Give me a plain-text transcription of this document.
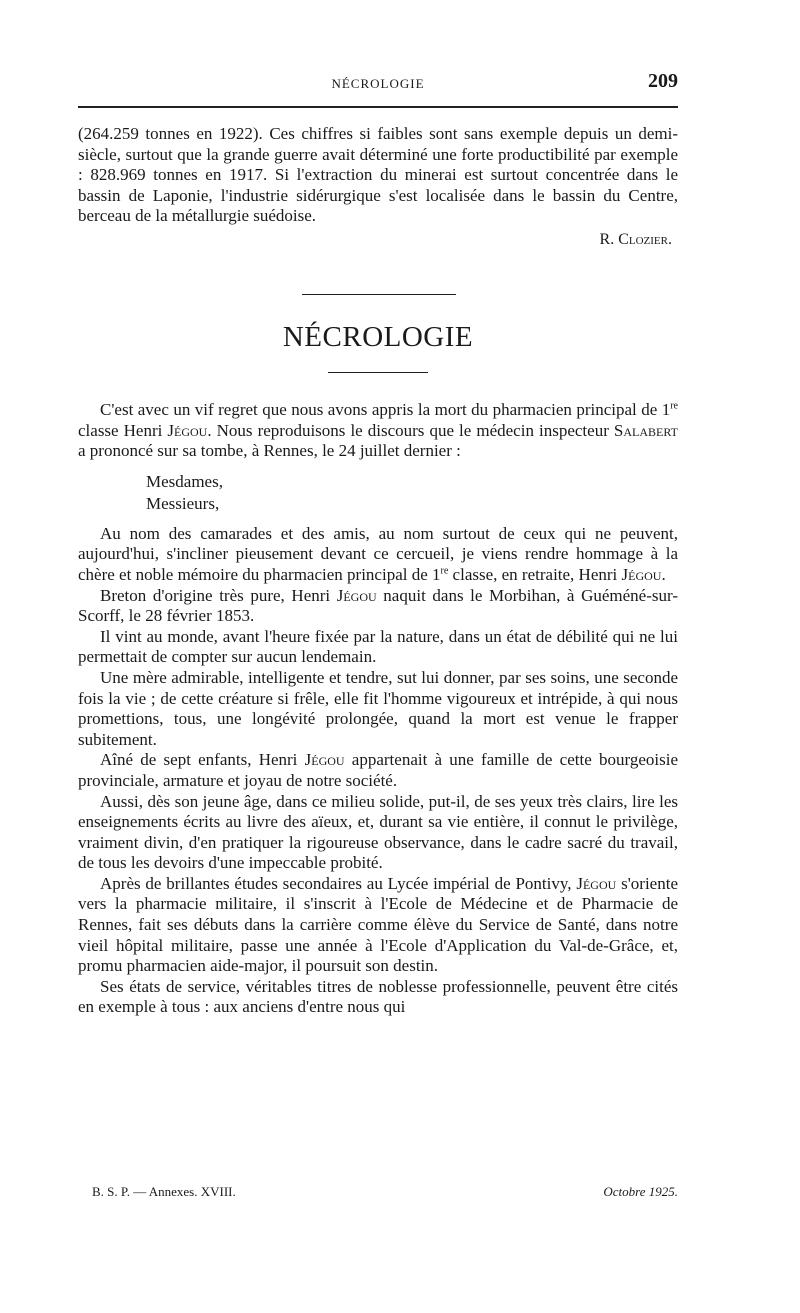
NÉCROLOGIE	209

(264.259 tonnes en 1922). Ces chiffres si faibles sont sans exemple depuis un demi-siècle, surtout que la grande guerre avait déterminé une forte productibilité par exemple : 828.969 tonnes en 1917. Si l'extraction du minerai est surtout concentrée dans le bassin de Laponie, l'industrie sidérurgique s'est localisée dans le bassin du Centre, berceau de la métallurgie suédoise.

R. Clozier.

NÉCROLOGIE

C'est avec un vif regret que nous avons appris la mort du pharmacien principal de 1re classe Henri Jégou. Nous reproduisons le discours que le médecin inspecteur Salabert a prononcé sur sa tombe, à Rennes, le 24 juillet dernier :

Mesdames,
Messieurs,

Au nom des camarades et des amis, au nom surtout de ceux qui ne peuvent, aujourd'hui, s'incliner pieusement devant ce cercueil, je viens rendre hommage à la chère et noble mémoire du pharmacien principal de 1re classe, en retraite, Henri Jégou.

Breton d'origine très pure, Henri Jégou naquit dans le Morbihan, à Guéméné-sur-Scorff, le 28 février 1853.

Il vint au monde, avant l'heure fixée par la nature, dans un état de débilité qui ne lui permettait de compter sur aucun lendemain.

Une mère admirable, intelligente et tendre, sut lui donner, par ses soins, une seconde fois la vie ; de cette créature si frêle, elle fit l'homme vigoureux et intrépide, à qui nous promettions, tous, une longévité prolongée, quand la mort est venue le frapper subitement.

Aîné de sept enfants, Henri Jégou appartenait à une famille de cette bourgeoisie provinciale, armature et joyau de notre société.

Aussi, dès son jeune âge, dans ce milieu solide, put-il, de ses yeux très clairs, lire les enseignements écrits au livre des aïeux, et, durant sa vie entière, il connut le privilège, vraiment divin, d'en pratiquer la rigoureuse observance, dans le cadre sacré du travail, de tous les devoirs d'une impeccable probité.

Après de brillantes études secondaires au Lycée impérial de Pontivy, Jégou s'oriente vers la pharmacie militaire, il s'inscrit à l'Ecole de Médecine et de Pharmacie de Rennes, fait ses débuts dans la carrière comme élève du Service de Santé, dans notre vieil hôpital militaire, passe une année à l'Ecole d'Application du Val-de-Grâce, et, promu pharmacien aide-major, il poursuit son destin.

Ses états de service, véritables titres de noblesse professionnelle, peuvent être cités en exemple à tous : aux anciens d'entre nous qui

B. S. P. — Annexes. XVIII.	Octobre 1925.
